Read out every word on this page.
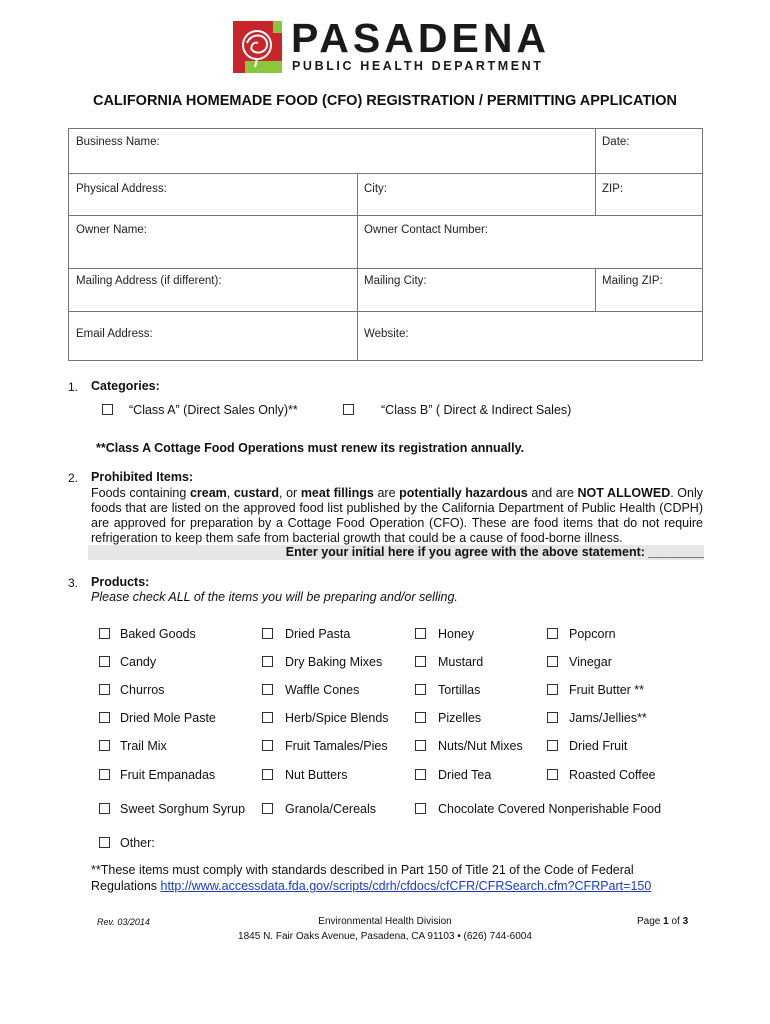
PASADENA
PUBLIC HEALTH DEPARTMENT
CALIFORNIA HOMEMADE FOOD (CFO) REGISTRATION / PERMITTING APPLICATION
Business Name:	Date:
Physical Address:	City:	ZIP:
Owner Name:	Owner Contact Number:
Mailing Address (if different):	Mailing City:	Mailing ZIP:
Email Address:	Website:
1. Categories:
“Class A” (Direct Sales Only)**	“Class B” ( Direct & Indirect Sales)
**Class A Cottage Food Operations must renew its registration annually.
2. Prohibited Items:
Foods containing cream, custard, or meat fillings are potentially hazardous and are NOT ALLOWED. Only foods that are listed on the approved food list published by the California Department of Public Health (CDPH) are approved for preparation by a Cottage Food Operation (CFO). These are food items that do not require refrigeration to keep them safe from bacterial growth that could be a cause of food-borne illness.
Enter your initial here if you agree with the above statement: ________
3. Products:
Please check ALL of the items you will be preparing and/or selling.
Baked Goods	Dried Pasta	Honey	Popcorn
Candy	Dry Baking Mixes	Mustard	Vinegar
Churros	Waffle Cones	Tortillas	Fruit Butter **
Dried Mole Paste	Herb/Spice Blends	Pizelles	Jams/Jellies**
Trail Mix	Fruit Tamales/Pies	Nuts/Nut Mixes	Dried Fruit
Fruit Empanadas	Nut Butters	Dried Tea	Roasted Coffee
Sweet Sorghum Syrup	Granola/Cereals	Chocolate Covered Nonperishable Food
Other:
**These items must comply with standards described in Part 150 of Title 21 of the Code of Federal
Regulations http://www.accessdata.fda.gov/scripts/cdrh/cfdocs/cfCFR/CFRSearch.cfm?CFRPart=150
Rev. 03/2014	Environmental Health Division
1845 N. Fair Oaks Avenue, Pasadena, CA 91103 • (626) 744-6004
Page 1 of 3
